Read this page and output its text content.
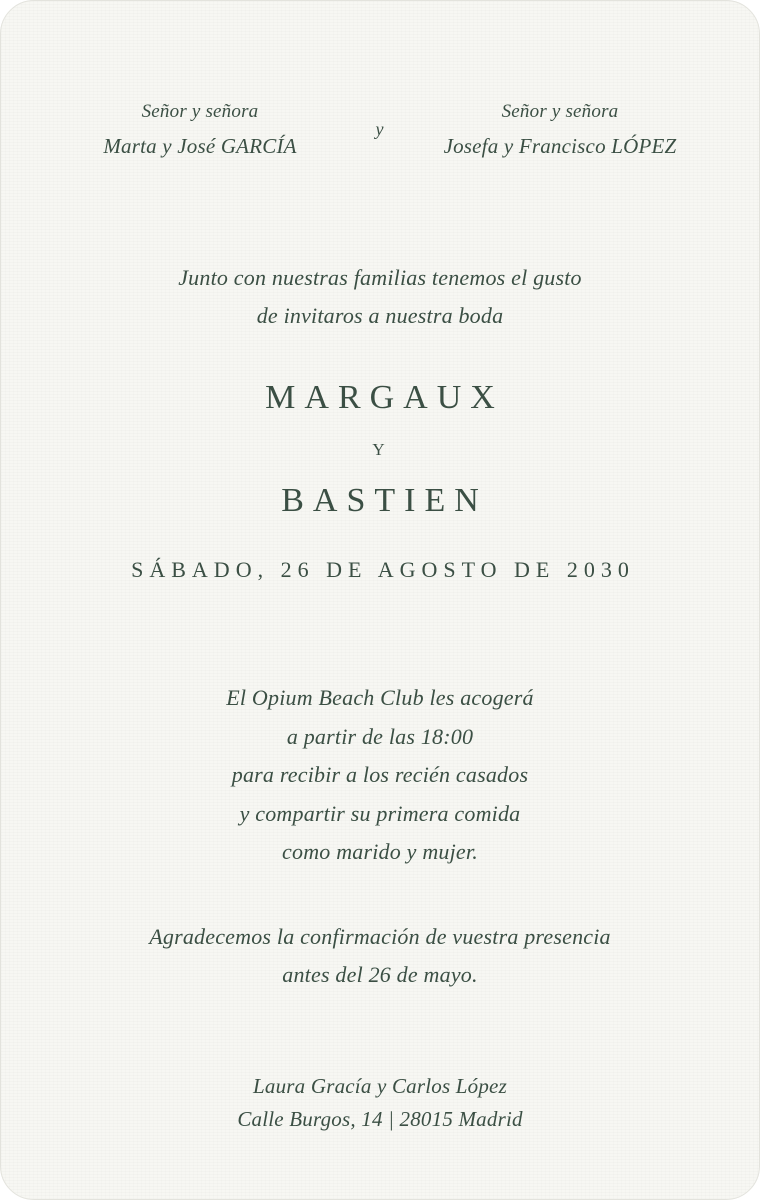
Señor y señora
Marta y José GARCÍA
y
Señor y señora
Josefa y Francisco LÓPEZ
Junto con nuestras familias tenemos el gusto
de invitaros a nuestra boda
MARGAUX
Y
BASTIEN
SÁBADO, 26 DE AGOSTO DE 2030
El Opium Beach Club les acogerá
a partir de las 18:00
para recibir a los recién casados
y compartir su primera comida
como marido y mujer.
Agradecemos la confirmación de vuestra presencia
antes del 26 de mayo.
Laura Gracía y Carlos López
Calle Burgos, 14 | 28015 Madrid
